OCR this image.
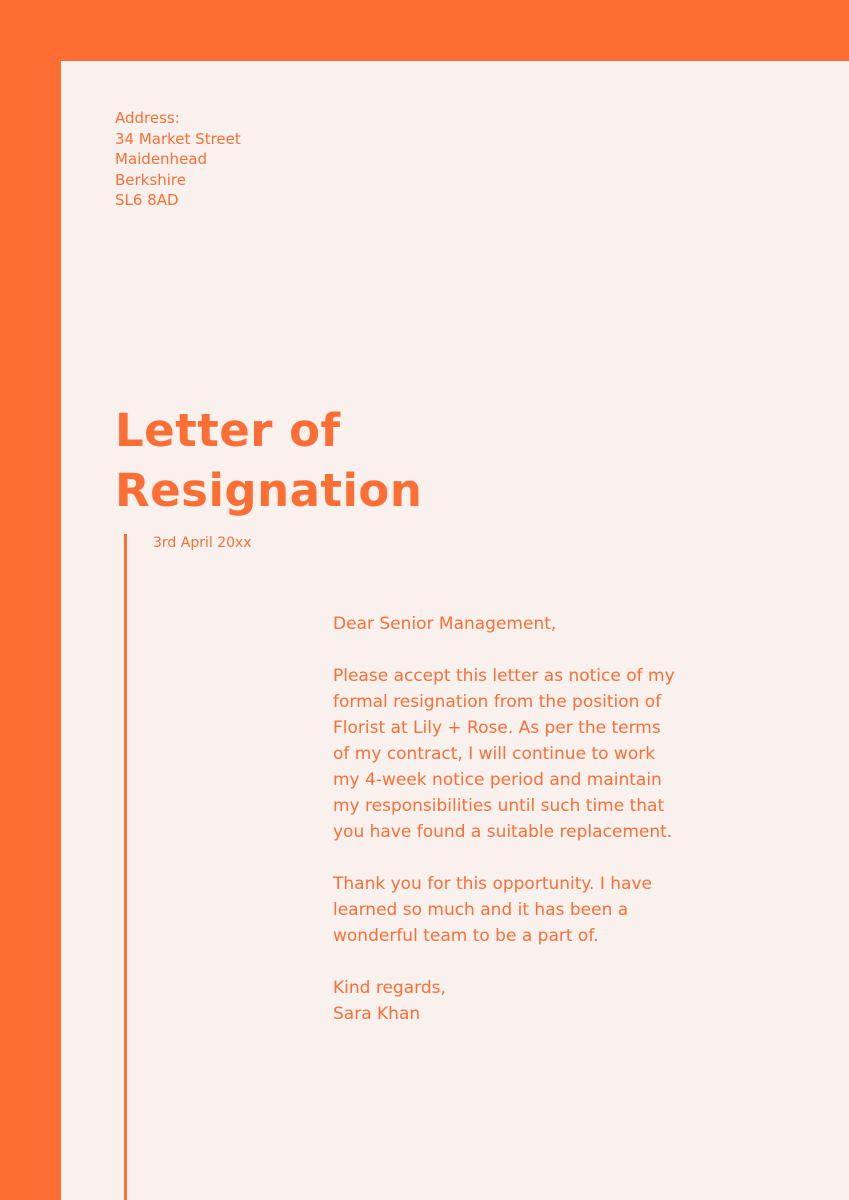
Address:
34 Market Street
Maidenhead
Berkshire
SL6 8AD
Letter of
Resignation
3rd April 20xx

Dear Senior Management,

Please accept this letter as notice of my
formal resignation from the position of
Florist at Lily + Rose. As per the terms
of my contract, I will continue to work
my 4-week notice period and maintain
my responsibilities until such time that
you have found a suitable replacement.

Thank you for this opportunity. I have
learned so much and it has been a
wonderful team to be a part of.

Kind regards,
Sara Khan
